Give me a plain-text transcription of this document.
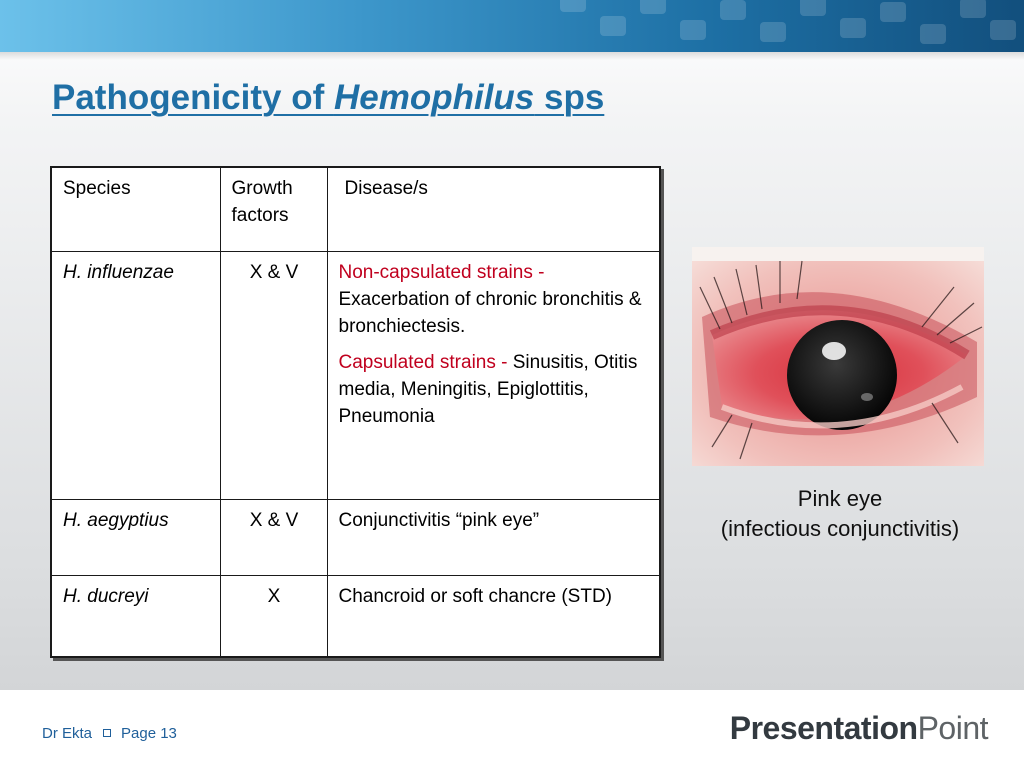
Pathogenicity of Hemophilus sps
Species	Growth factors	Disease/s
H. influenzae	X & V	Non-capsulated strains - Exacerbation of chronic bronchitis & bronchiectesis.
Capsulated strains - Sinusitis, Otitis media, Meningitis, Epiglottitis, Pneumonia

H. aegyptius	X & V	Conjunctivitis “pink eye”
H. ducreyi	X	Chancroid or soft chancre (STD)
Pink eye
(infectious conjunctivitis)
Dr Ekta Page 13	PresentationPoint
